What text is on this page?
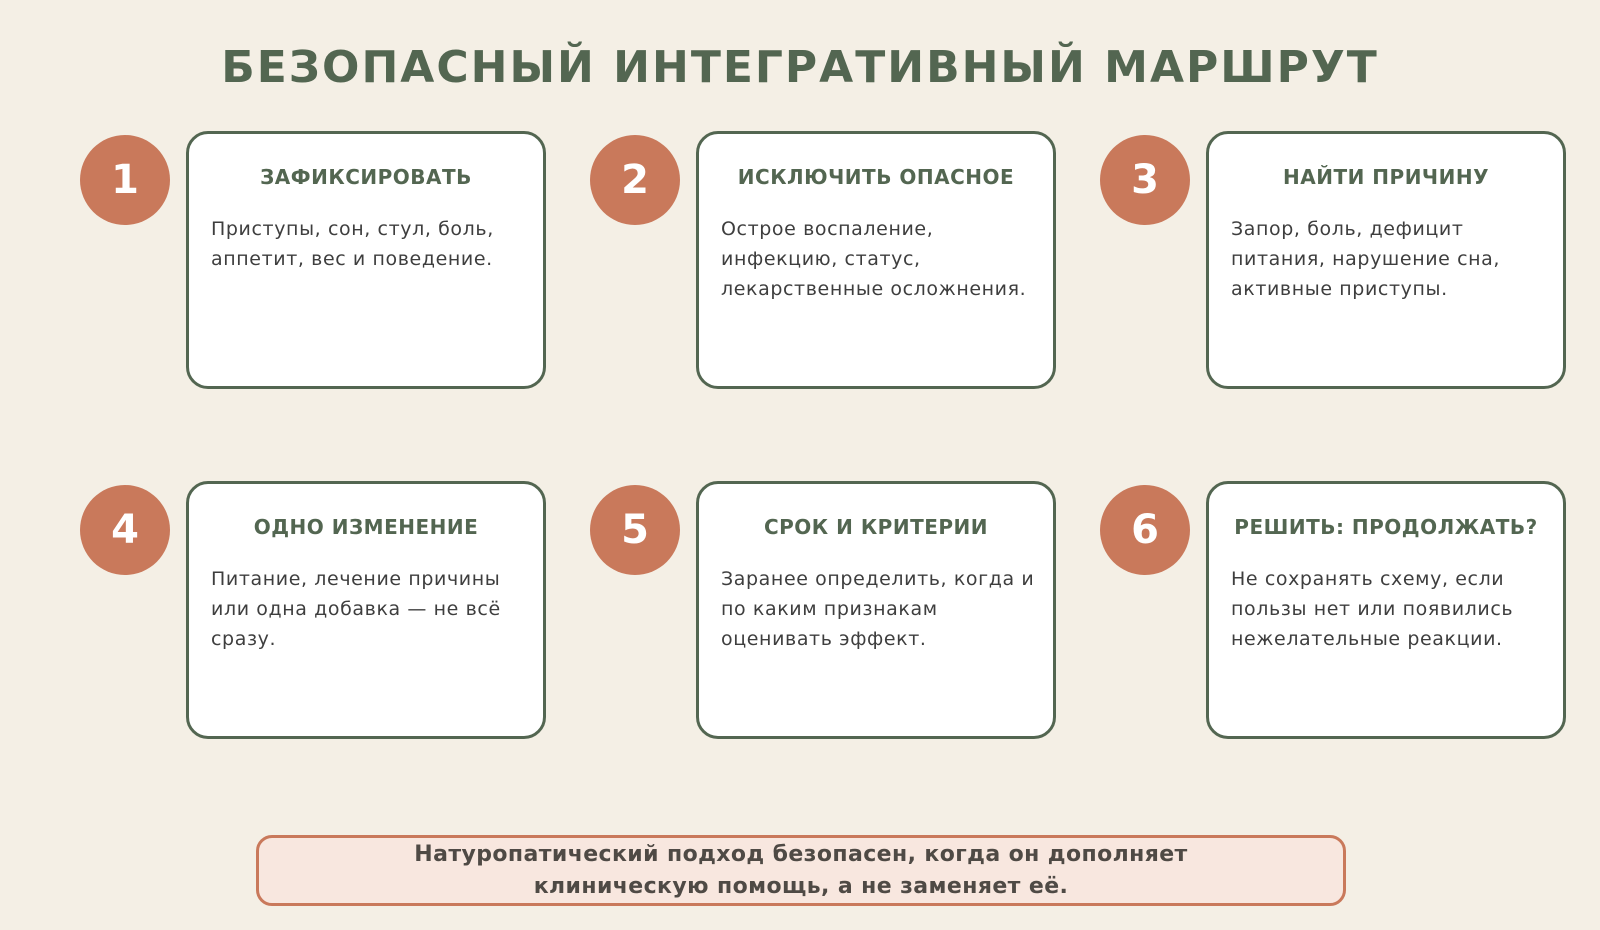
БЕЗОПАСНЫЙ ИНТЕГРАТИВНЫЙ МАРШРУТ
1	ЗАФИКСИРОВАТЬ
Приступы, сон, стул, боль, аппетит, вес и поведение.
2	ИСКЛЮЧИТЬ ОПАСНОЕ
Острое воспаление, инфекцию, статус, лекарственные осложнения.
3	НАЙТИ ПРИЧИНУ
Запор, боль, дефицит питания, нарушение сна, активные приступы.
4	ОДНО ИЗМЕНЕНИЕ
Питание, лечение причины или одна добавка — не всё сразу.
5	СРОК И КРИТЕРИИ
Заранее определить, когда и по каким признакам оценивать эффект.
6	РЕШИТЬ: ПРОДОЛЖАТЬ?
Не сохранять схему, если пользы нет или появились нежелательные реакции.
Натуропатический подход безопасен, когда он дополняет клиническую помощь, а не заменяет её.
